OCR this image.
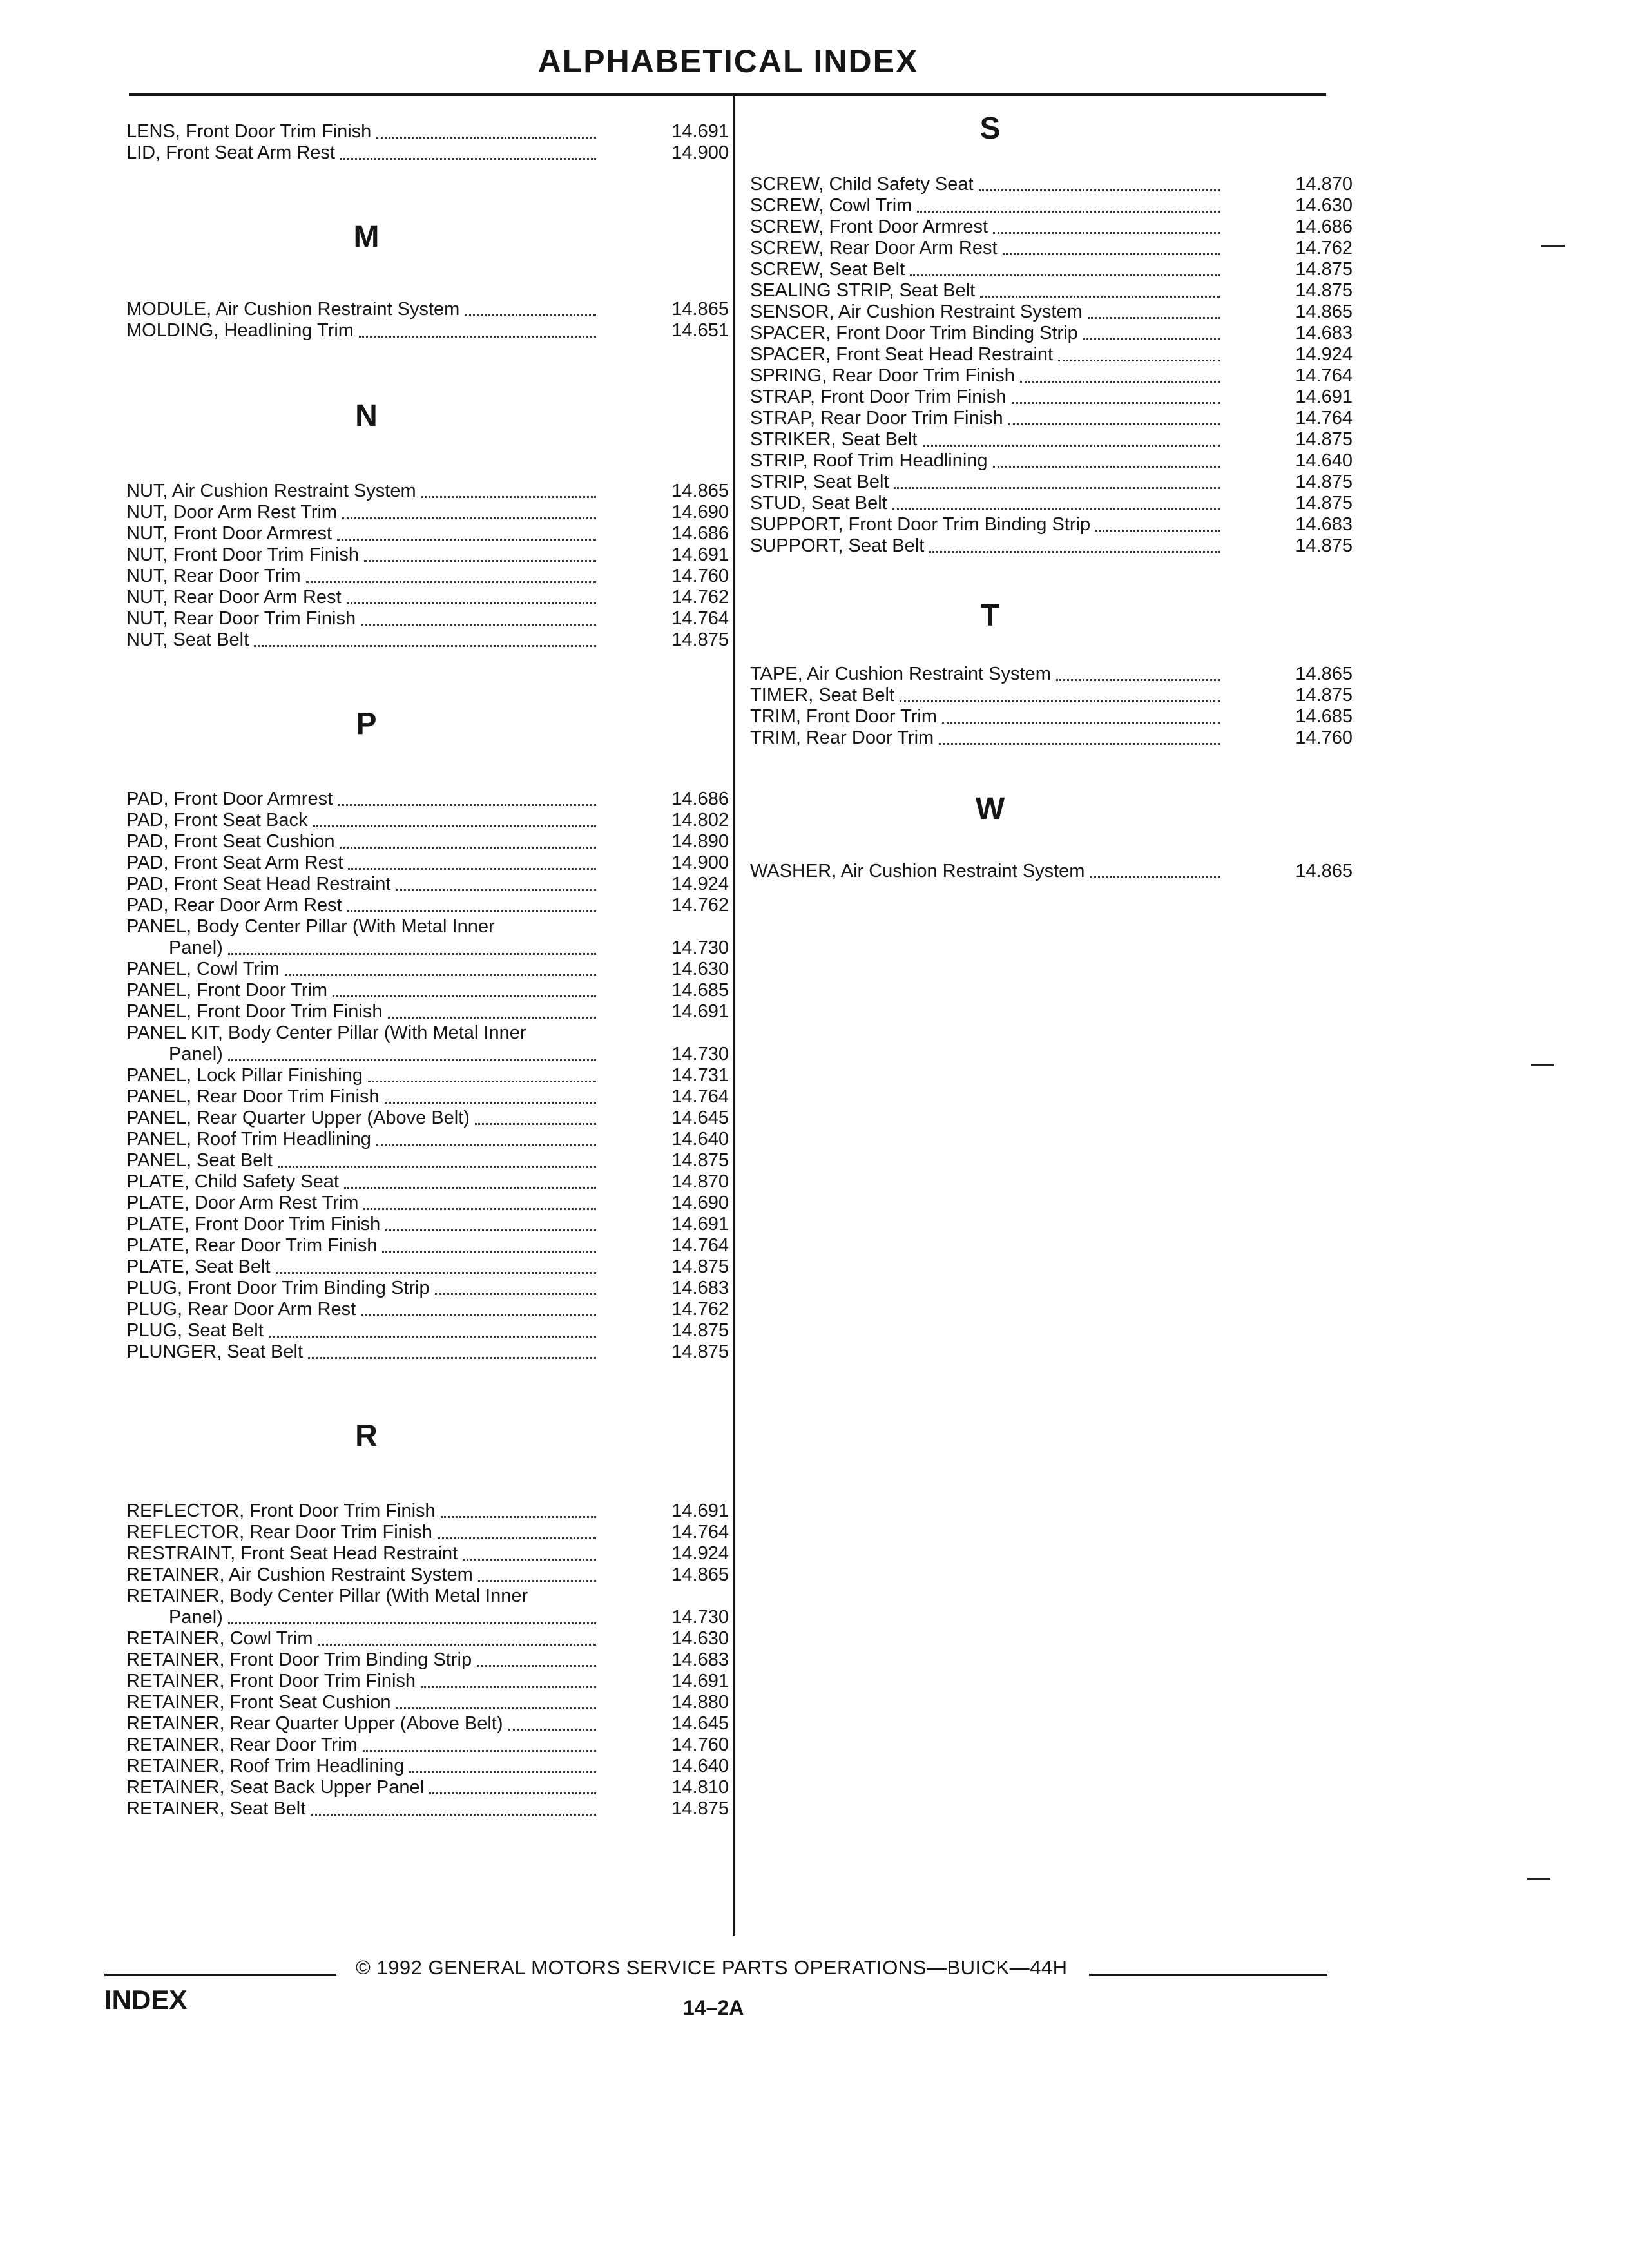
ALPHABETICAL INDEX
LENS, Front Door Trim Finish	14.691
LID, Front Seat Arm Rest	14.900
M
MODULE, Air Cushion Restraint System	14.865
MOLDING, Headlining Trim	14.651
N
NUT, Air Cushion Restraint System	14.865
NUT, Door Arm Rest Trim	14.690
NUT, Front Door Armrest	14.686
NUT, Front Door Trim Finish	14.691
NUT, Rear Door Trim	14.760
NUT, Rear Door Arm Rest	14.762
NUT, Rear Door Trim Finish	14.764
NUT, Seat Belt	14.875
P
PAD, Front Door Armrest	14.686
PAD, Front Seat Back	14.802
PAD, Front Seat Cushion	14.890
PAD, Front Seat Arm Rest	14.900
PAD, Front Seat Head Restraint	14.924
PAD, Rear Door Arm Rest	14.762
PANEL, Body Center Pillar (With Metal Inner
Panel)	14.730
PANEL, Cowl Trim	14.630
PANEL, Front Door Trim	14.685
PANEL, Front Door Trim Finish	14.691
PANEL KIT, Body Center Pillar (With Metal Inner
Panel)	14.730
PANEL, Lock Pillar Finishing	14.731
PANEL, Rear Door Trim Finish	14.764
PANEL, Rear Quarter Upper (Above Belt)	14.645
PANEL, Roof Trim Headlining	14.640
PANEL, Seat Belt	14.875
PLATE, Child Safety Seat	14.870
PLATE, Door Arm Rest Trim	14.690
PLATE, Front Door Trim Finish	14.691
PLATE, Rear Door Trim Finish	14.764
PLATE, Seat Belt	14.875
PLUG, Front Door Trim Binding Strip	14.683
PLUG, Rear Door Arm Rest	14.762
PLUG, Seat Belt	14.875
PLUNGER, Seat Belt	14.875
R
REFLECTOR, Front Door Trim Finish	14.691
REFLECTOR, Rear Door Trim Finish	14.764
RESTRAINT, Front Seat Head Restraint	14.924
RETAINER, Air Cushion Restraint System	14.865
RETAINER, Body Center Pillar (With Metal Inner
Panel)	14.730
RETAINER, Cowl Trim	14.630
RETAINER, Front Door Trim Binding Strip	14.683
RETAINER, Front Door Trim Finish	14.691
RETAINER, Front Seat Cushion	14.880
RETAINER, Rear Quarter Upper (Above Belt)	14.645
RETAINER, Rear Door Trim	14.760
RETAINER, Roof Trim Headlining	14.640
RETAINER, Seat Back Upper Panel	14.810
RETAINER, Seat Belt	14.875
S
SCREW, Child Safety Seat	14.870
SCREW, Cowl Trim	14.630
SCREW, Front Door Armrest	14.686
SCREW, Rear Door Arm Rest	14.762
SCREW, Seat Belt	14.875
SEALING STRIP, Seat Belt	14.875
SENSOR, Air Cushion Restraint System	14.865
SPACER, Front Door Trim Binding Strip	14.683
SPACER, Front Seat Head Restraint	14.924
SPRING, Rear Door Trim Finish	14.764
STRAP, Front Door Trim Finish	14.691
STRAP, Rear Door Trim Finish	14.764
STRIKER, Seat Belt	14.875
STRIP, Roof Trim Headlining	14.640
STRIP, Seat Belt	14.875
STUD, Seat Belt	14.875
SUPPORT, Front Door Trim Binding Strip	14.683
SUPPORT, Seat Belt	14.875
T
TAPE, Air Cushion Restraint System	14.865
TIMER, Seat Belt	14.875
TRIM, Front Door Trim	14.685
TRIM, Rear Door Trim	14.760
W
WASHER, Air Cushion Restraint System	14.865
© 1992 GENERAL MOTORS SERVICE PARTS OPERATIONS—BUICK—44H
INDEX	14–2A
